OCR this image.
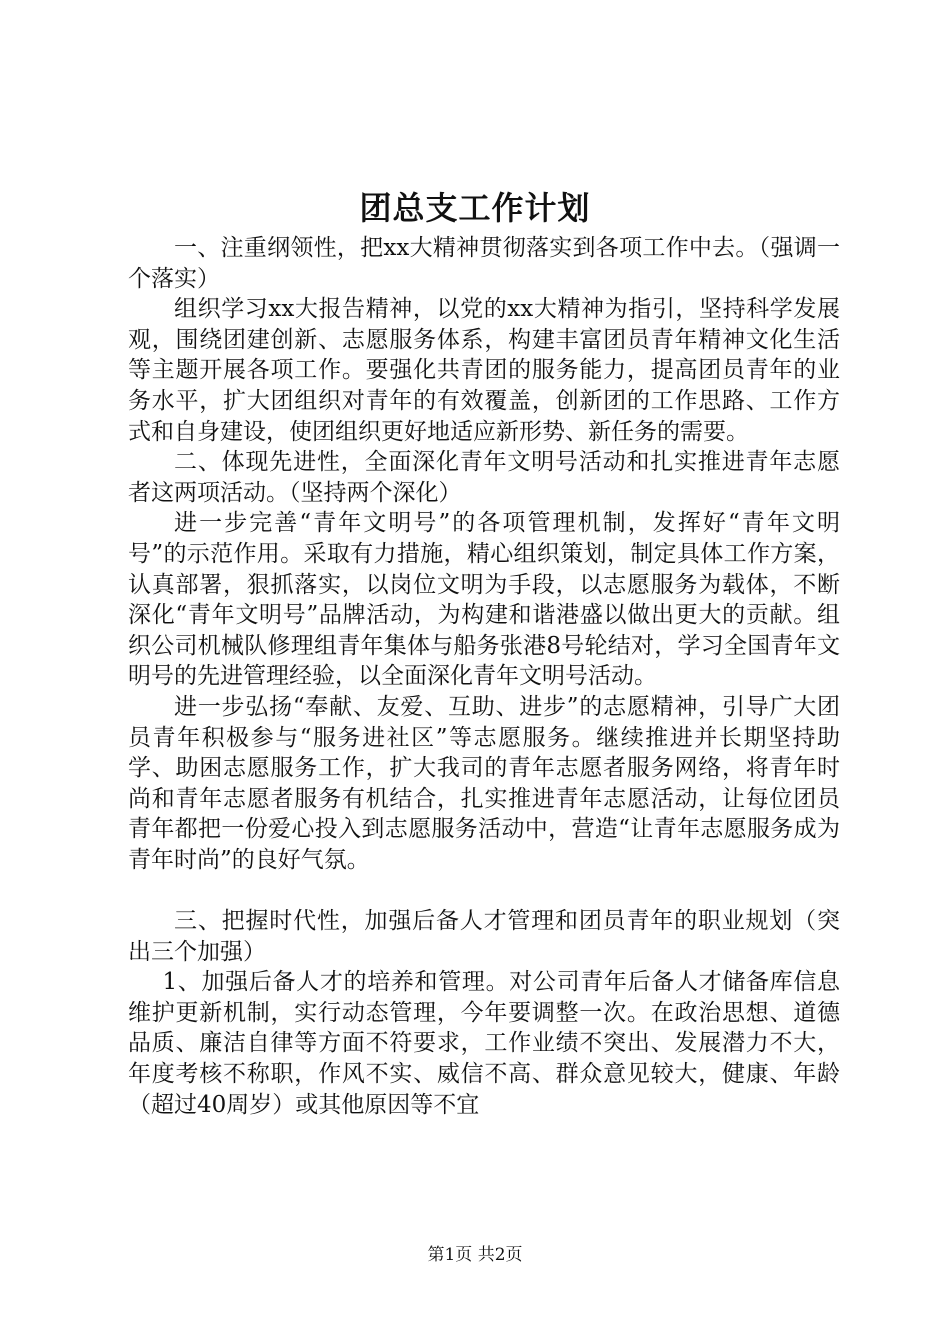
团总支工作计划

一、注重纲领性，把xx大精神贯彻落实到各项工作中去。（强调一个落实）

组织学习xx大报告精神，以党的xx大精神为指引，坚持科学发展观，围绕团建创新、志愿服务体系，构建丰富团员青年精神文化生活等主题开展各项工作。要强化共青团的服务能力，提高团员青年的业务水平，扩大团组织对青年的有效覆盖，创新团的工作思路、工作方式和自身建设，使团组织更好地适应新形势、新任务的需要。

二、体现先进性，全面深化青年文明号活动和扎实推进青年志愿者这两项活动。（坚持两个深化）

进一步完善“青年文明号”的各项管理机制，发挥好“青年文明号”的示范作用。采取有力措施，精心组织策划，制定具体工作方案，认真部署，狠抓落实，以岗位文明为手段，以志愿服务为载体，不断深化“青年文明号”品牌活动，为构建和谐港盛以做出更大的贡献。组织公司机械队修理组青年集体与船务张港8号轮结对，学习全国青年文明号的先进管理经验，以全面深化青年文明号活动。

进一步弘扬“奉献、友爱、互助、进步”的志愿精神，引导广大团员青年积极参与“服务进社区”等志愿服务。继续推进并长期坚持助学、助困志愿服务工作，扩大我司的青年志愿者服务网络，将青年时尚和青年志愿者服务有机结合，扎实推进青年志愿活动，让每位团员青年都把一份爱心投入到志愿服务活动中，营造“让青年志愿服务成为青年时尚”的良好气氛。

三、把握时代性，加强后备人才管理和团员青年的职业规划（突出三个加强）

1、加强后备人才的培养和管理。对公司青年后备人才储备库信息维护更新机制，实行动态管理，今年要调整一次。在政治思想、道德品质、廉洁自律等方面不符要求，工作业绩不突出、发展潜力不大，年度考核不称职，作风不实、威信不高、群众意见较大，健康、年龄（超过40周岁）或其他原因等不宜

第1页 共2页
